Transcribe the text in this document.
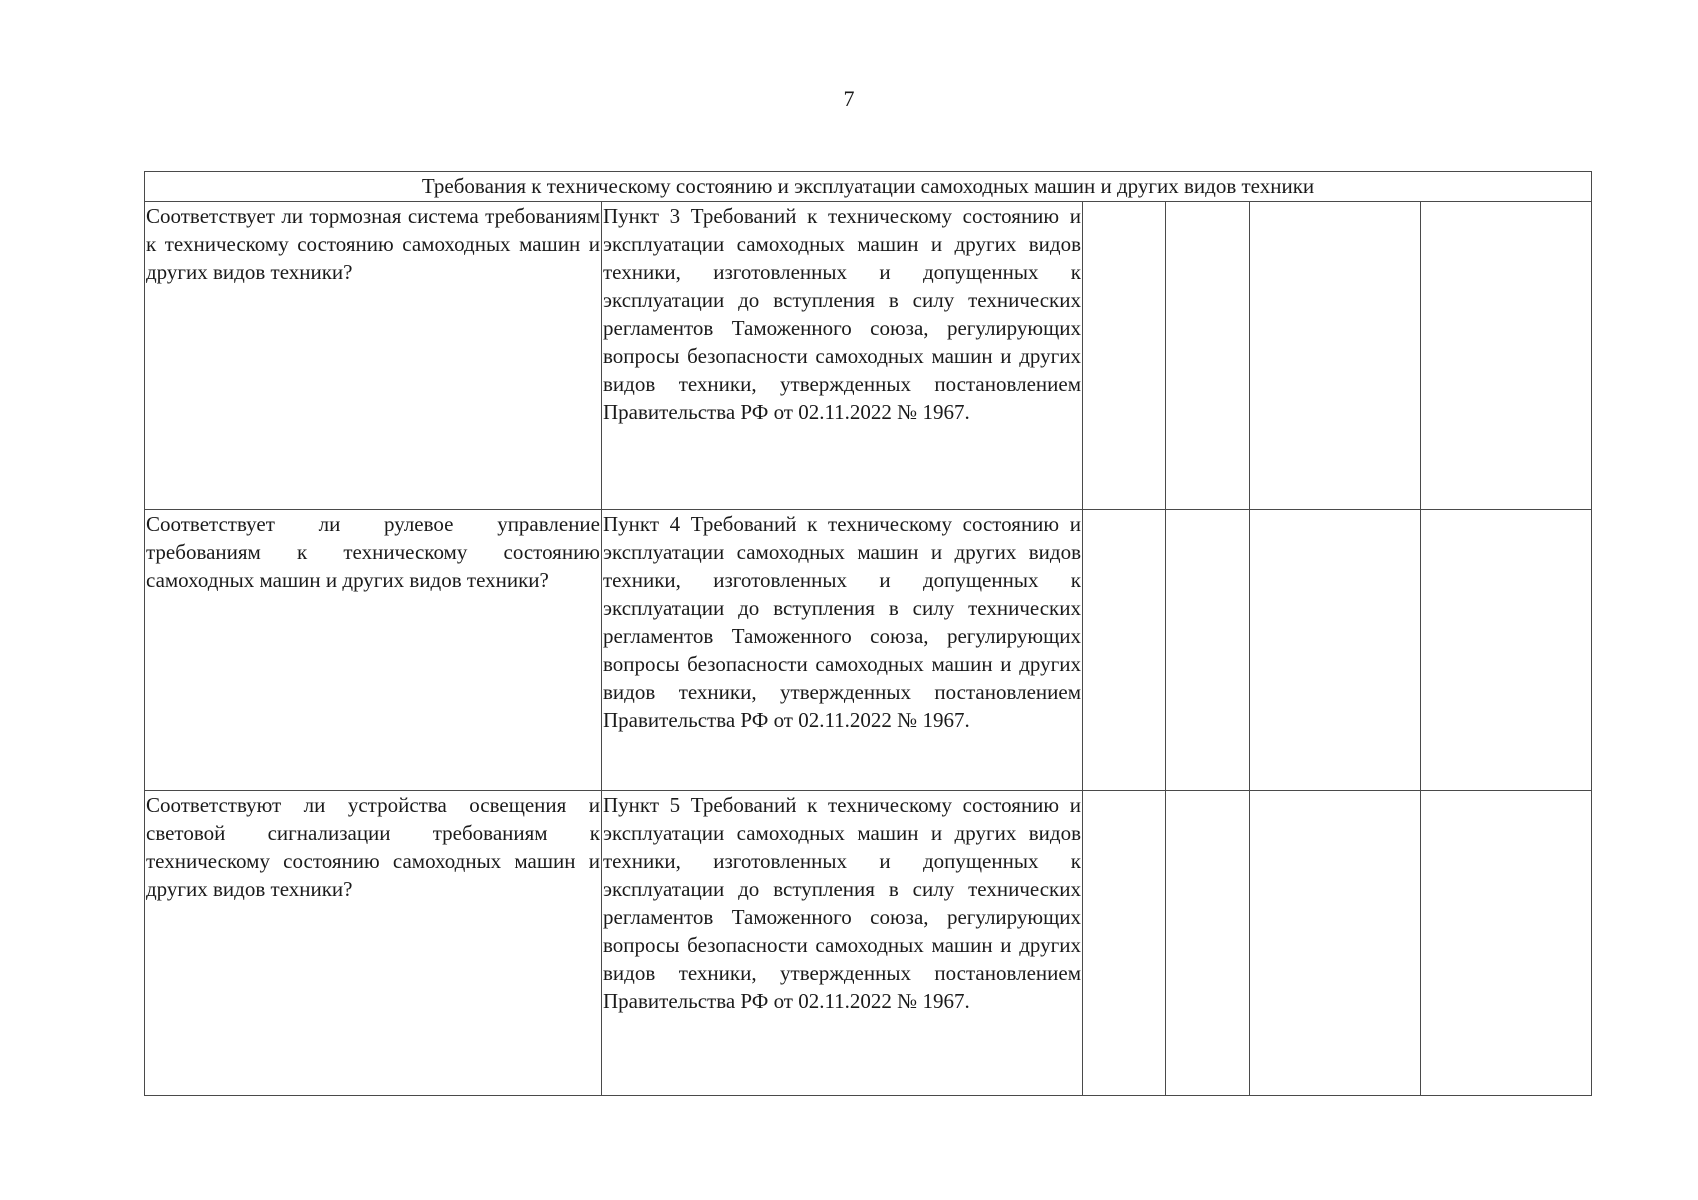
7
Требования к техническому состоянию и эксплуатации самоходных машин и других видов техники					
Соответствует ли тормозная система требованиям к техническому состоянию самоходных машин и других видов техники?	Пункт 3 Требований к техническому состоянию и эксплуатации самоходных машин и других видов техники, изготовленных и допущенных к эксплуатации до вступления в силу технических регламентов Таможенного союза, регулирующих вопросы безопасности самоходных машин и других видов техники, утвержденных постановлением Правительства РФ от 02.11.2022 № 1967.				
Соответствует ли рулевое управление требованиям к техническому состоянию самоходных машин и других видов техники?	Пункт 4 Требований к техническому состоянию и эксплуатации самоходных машин и других видов техники, изготовленных и допущенных к эксплуатации до вступления в силу технических регламентов Таможенного союза, регулирующих вопросы безопасности самоходных машин и других видов техники, утвержденных постановлением Правительства РФ от 02.11.2022 № 1967.				
Соответствуют ли устройства освещения и световой сигнализации требованиям к техническому состоянию самоходных машин и других видов техники?	Пункт 5 Требований к техническому состоянию и эксплуатации самоходных машин и других видов техники, изготовленных и допущенных к эксплуатации до вступления в силу технических регламентов Таможенного союза, регулирующих вопросы безопасности самоходных машин и других видов техники, утвержденных постановлением Правительства РФ от 02.11.2022 № 1967.				
